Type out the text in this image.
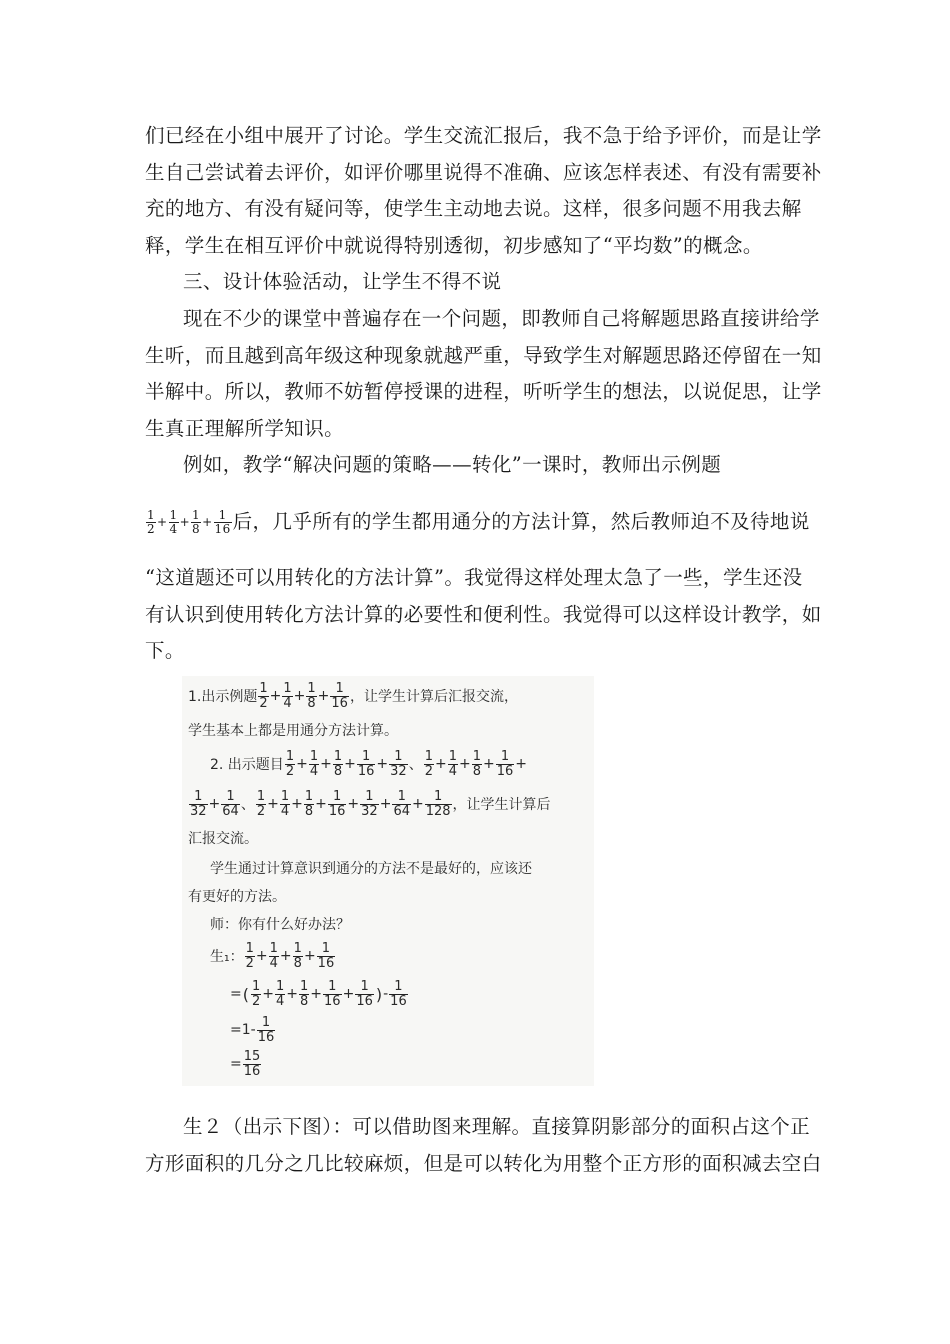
们已经在小组中展开了讨论。学生交流汇报后，我不急于给予评价，而是让学
生自己尝试着去评价，如评价哪里说得不准确、应该怎样表述、有没有需要补
充的地方、有没有疑问等，使学生主动地去说。这样，很多问题不用我去解
释，学生在相互评价中就说得特别透彻，初步感知了“平均数”的概念。
三、设计体验活动，让学生不得不说
现在不少的课堂中普遍存在一个问题，即教师自己将解题思路直接讲给学
生听，而且越到高年级这种现象就越严重，导致学生对解题思路还停留在一知
半解中。所以，教师不妨暂停授课的进程，听听学生的想法，以说促思，让学
生真正理解所学知识。
例如，教学“解决问题的策略——转化”一课时，教师出示例题
$\frac{1}{2} + \frac{1}{4} + \frac{1}{8} + \frac{1}{16}$ 后，几乎所有的学生都用通分的方法计算，然后教师迫不及待地说
“这道题还可以用转化的方法计算”。我觉得这样处理太急了一些，学生还没
有认识到使用转化方法计算的必要性和便利性。我觉得可以这样设计教学，如
下。
1.出示例题 $\frac{1}{2} + \frac{1}{4} + \frac{1}{8} + \frac{1}{16}$ ，让学生计算后汇报交流，
学生基本上都是用通分方法计算。
2. 出示题目 $\frac{1}{2} + \frac{1}{4} + \frac{1}{8} + \frac{1}{16} + \frac{1}{32}$ 、 $\frac{1}{2} + \frac{1}{4} + \frac{1}{8} + \frac{1}{16}$ +
$\frac{1}{32} + \frac{1}{64}$ 、 $\frac{1}{2} + \frac{1}{4} + \frac{1}{8} + \frac{1}{16} + \frac{1}{32} + \frac{1}{64} + \frac{1}{128}$ ，让学生计算后
汇报交流。
学生通过计算意识到通分的方法不是最好的，应该还
有更好的方法。
师：你有什么好办法？
生₁： $\frac{1}{2} + \frac{1}{4} + \frac{1}{8} + \frac{1}{16}$
= ( $\frac{1}{2} + \frac{1}{4} + \frac{1}{8} + \frac{1}{16} + \frac{1}{16}$ ) - $\frac{1}{16}$
= $1 - \frac{1}{16}$
= $\frac{15}{16}$
生２（出示下图）：可以借助图来理解。直接算阴影部分的面积占这个正
方形面积的几分之几比较麻烦，但是可以转化为用整个正方形的面积减去空白
